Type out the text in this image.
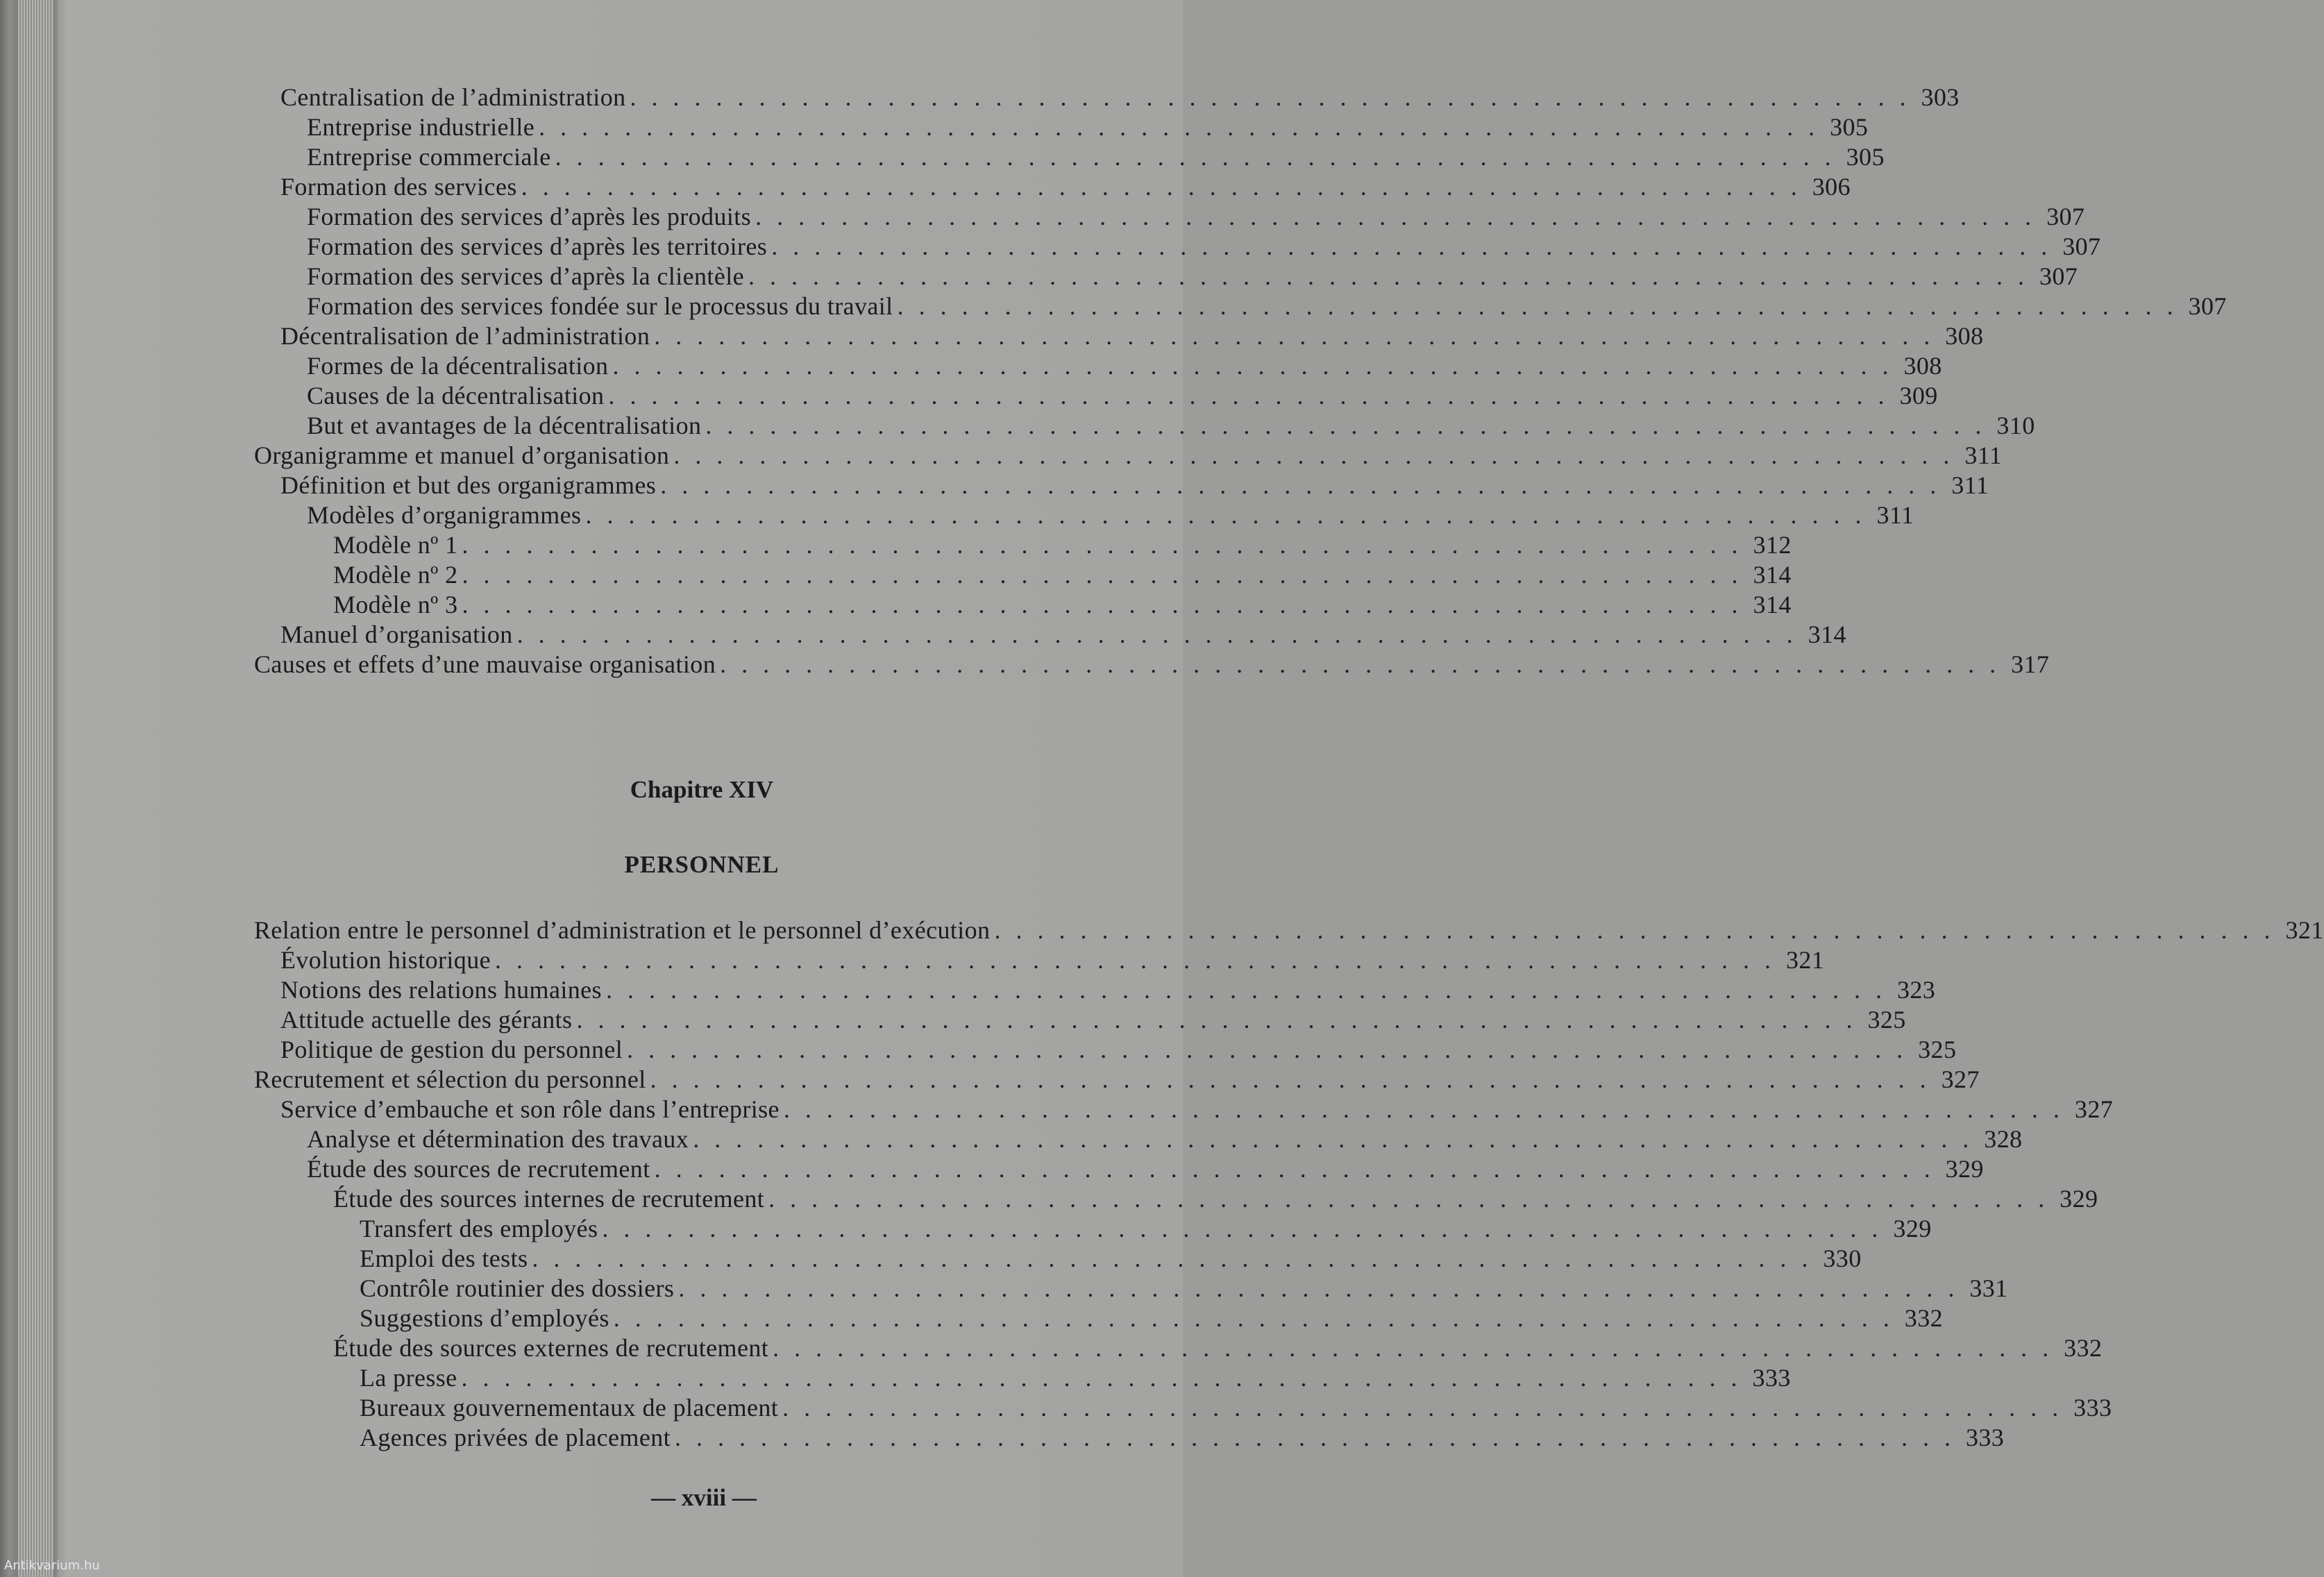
Centralisation de l’administration ............................................................ 303
Entreprise industrielle ............................................................ 305
Entreprise commerciale ............................................................ 305
Formation des services ............................................................ 306
Formation des services d’après les produits ............................................................ 307
Formation des services d’après les territoires ............................................................ 307
Formation des services d’après la clientèle ............................................................ 307
Formation des services fondée sur le processus du travail ............................................................ 307
Décentralisation de l’administration ............................................................ 308
Formes de la décentralisation ............................................................ 308
Causes de la décentralisation ............................................................ 309
But et avantages de la décentralisation ............................................................ 310
Organigramme et manuel d’organisation ............................................................ 311
Définition et but des organigrammes ............................................................ 311
Modèles d’organigrammes ............................................................ 311
Modèle nº 1 ............................................................ 312
Modèle nº 2 ............................................................ 314
Modèle nº 3 ............................................................ 314
Manuel d’organisation ............................................................ 314
Causes et effets d’une mauvaise organisation ............................................................ 317
Chapitre XIV
PERSONNEL
Relation entre le personnel d’administration et le personnel d’exécution ............................................................ 321
Évolution historique ............................................................ 321
Notions des relations humaines ............................................................ 323
Attitude actuelle des gérants ............................................................ 325
Politique de gestion du personnel ............................................................ 325
Recrutement et sélection du personnel ............................................................ 327
Service d’embauche et son rôle dans l’entreprise ............................................................ 327
Analyse et détermination des travaux ............................................................ 328
Étude des sources de recrutement ............................................................ 329
Étude des sources internes de recrutement ............................................................ 329
Transfert des employés ............................................................ 329
Emploi des tests ............................................................ 330
Contrôle routinier des dossiers ............................................................ 331
Suggestions d’employés ............................................................ 332
Étude des sources externes de recrutement ............................................................ 332
La presse ............................................................ 333
Bureaux gouvernementaux de placement ............................................................ 333
Agences privées de placement ............................................................ 333
— xviii —
Antikvarium.hu
